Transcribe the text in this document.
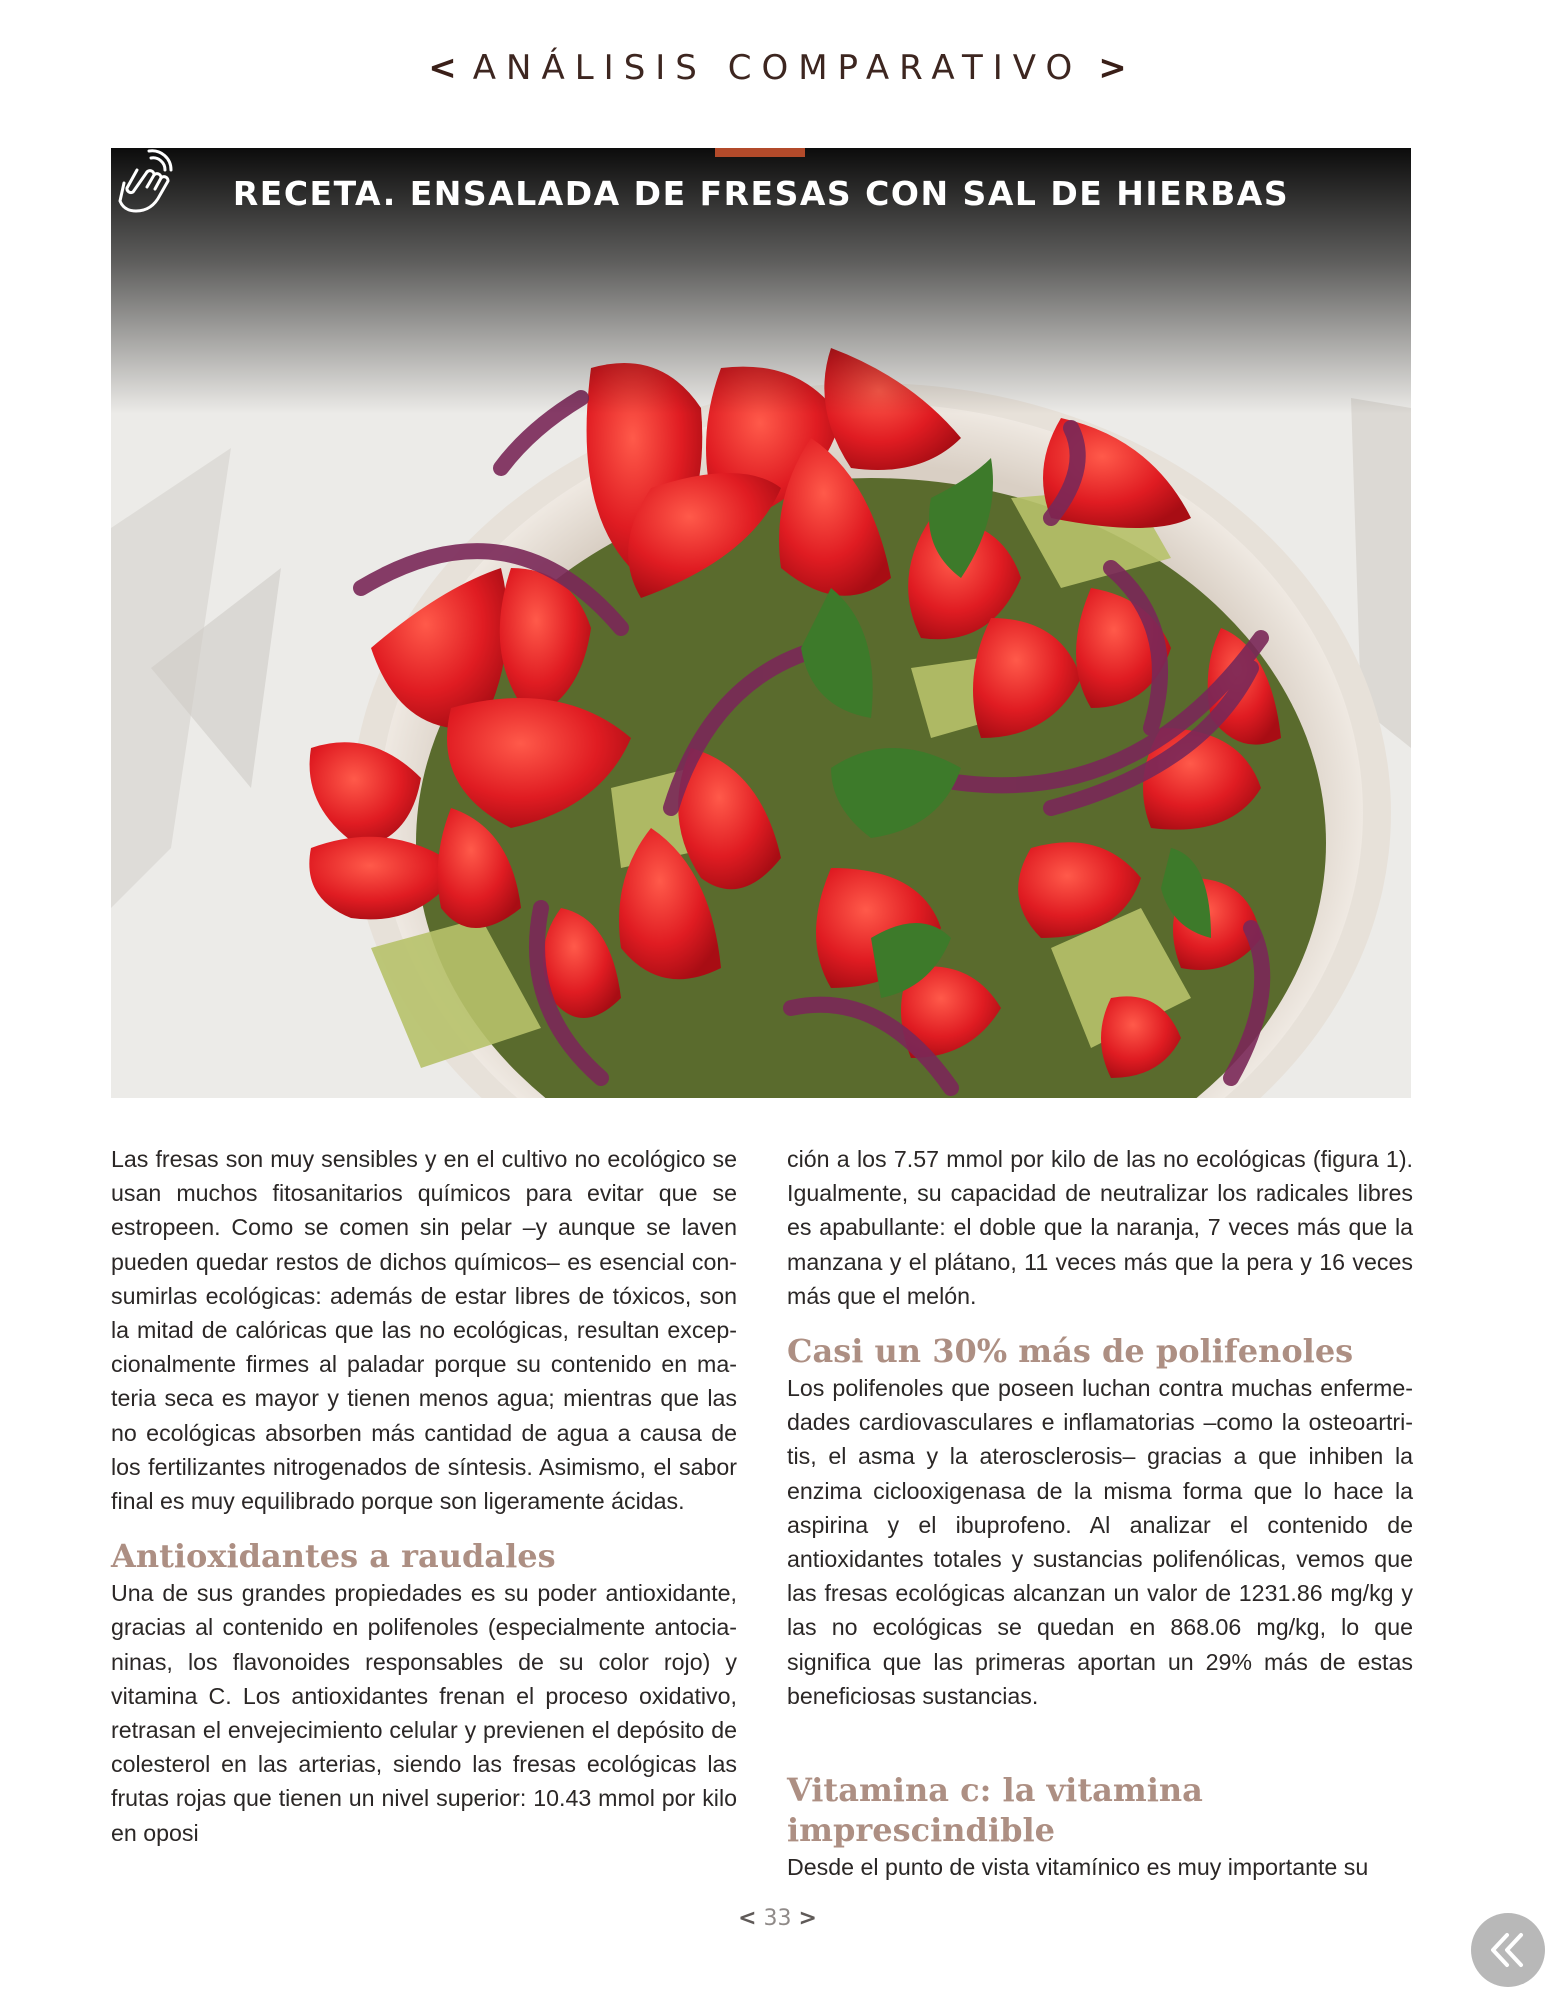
< ANÁLISIS COMPARATIVO >
RECETA. ENSALADA DE FRESAS CON SAL DE HIERBAS

Las fresas son muy sensibles y en el cultivo no ecológico se usan muchos fitosanitarios químicos para evitar que se estropeen. Como se comen sin pelar –y aunque se laven pueden quedar restos de dichos químicos– es esencial consumirlas ecológicas: además de estar libres de tóxicos, son la mitad de calóricas que las no ecológicas, resultan excepcionalmente firmes al paladar porque su contenido en materia seca es mayor y tienen menos agua; mientras que las no ecológicas absorben más cantidad de agua a causa de los fertilizantes nitrogenados de síntesis. Asimismo, el sabor final es muy equilibrado porque son ligeramente ácidas.

Antioxidantes a raudales

Una de sus grandes propiedades es su poder antioxidante, gracias al contenido en polifenoles (especialmente antocianinas, los flavonoides responsables de su color rojo) y vitamina C. Los antioxidantes frenan el proceso oxidativo, retrasan el envejecimiento celular y previenen el depósito de colesterol en las arterias, siendo las fresas ecológicas las frutas rojas que tienen un nivel superior: 10.43 mmol por kilo en oposi

ción a los 7.57 mmol por kilo de las no ecológicas (figura 1). Igualmente, su capacidad de neutralizar los radicales libres es apabullante: el doble que la naranja, 7 veces más que la manzana y el plátano, 11 veces más que la pera y 16 veces más que el melón.

Casi un 30% más de polifenoles

Los polifenoles que poseen luchan contra muchas enfermedades cardiovasculares e inflamatorias –como la osteoartritis, el asma y la aterosclerosis– gracias a que inhiben la enzima ciclooxigenasa de la misma forma que lo hace la aspirina y el ibuprofeno. Al analizar el contenido de antioxidantes totales y sustancias polifenólicas, vemos que las fresas ecológicas alcanzan un valor de 1231.86 mg/kg y las no ecológicas se quedan en 868.06 mg/kg, lo que significa que las primeras aportan un 29% más de estas beneficiosas sustancias.

Vitamina c: la vitamina imprescindible

Desde el punto de vista vitamínico es muy importante su

< 33 >
